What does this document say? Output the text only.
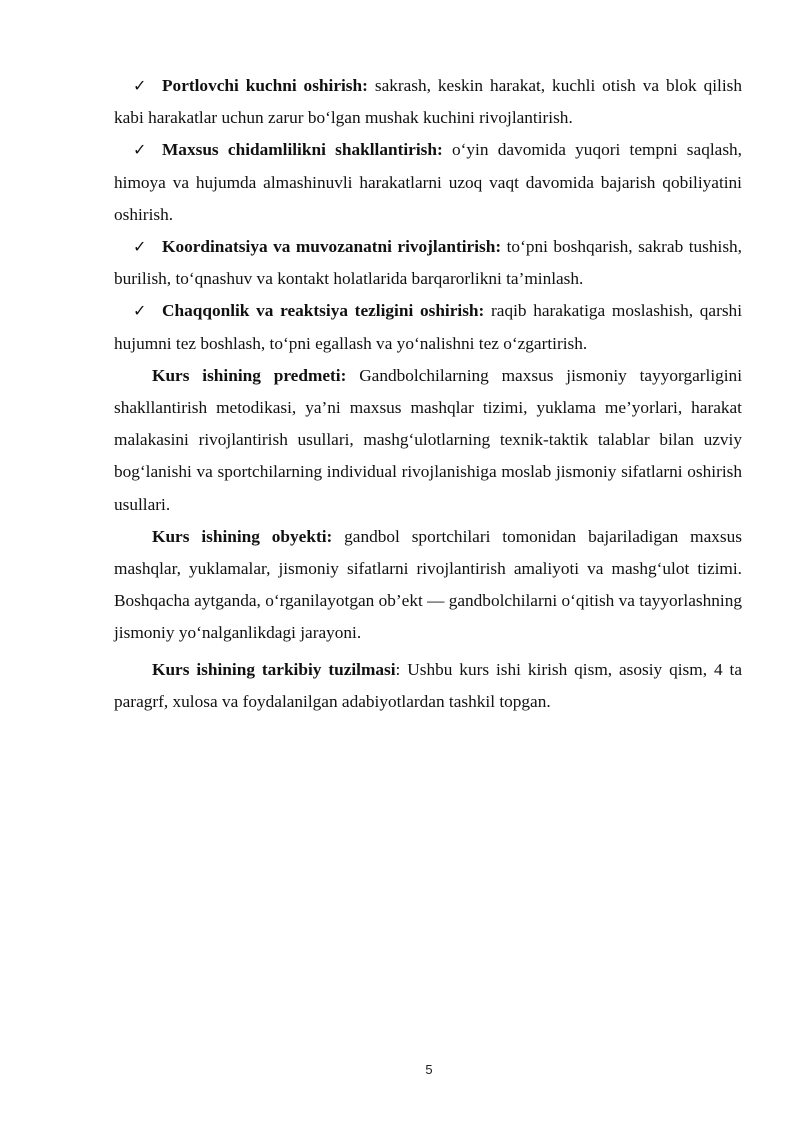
✓ Portlovchi kuchni oshirish: sakrash, keskin harakat, kuchli otish va blok qilish kabi harakatlar uchun zarur bo‘lgan mushak kuchini rivojlantirish.

✓ Maxsus chidamlilikni shakllantirish: o‘yin davomida yuqori tempni saqlash, himoya va hujumda almashinuvli harakatlarni uzoq vaqt davomida bajarish qobiliyatini oshirish.

✓ Koordinatsiya va muvozanatni rivojlantirish: to‘pni boshqarish, sakrab tushish, burilish, to‘qnashuv va kontakt holatlarida barqarorlikni ta’minlash.

✓ Chaqqonlik va reaktsiya tezligini oshirish: raqib harakatiga moslashish, qarshi hujumni tez boshlash, to‘pni egallash va yo‘nalishni tez o‘zgartirish.

Kurs ishining predmeti: Gandbolchilarning maxsus jismoniy tayyorgarligini shakllantirish metodikasi, ya’ni maxsus mashqlar tizimi, yuklama me’yorlari, harakat malakasini rivojlantirish usullari, mashg‘ulotlarning texnik-taktik talablar bilan uzviy bog‘lanishi va sportchilarning individual rivojlanishiga moslab jismoniy sifatlarni oshirish usullari.

Kurs ishining obyekti: gandbol sportchilari tomonidan bajariladigan maxsus mashqlar, yuklamalar, jismoniy sifatlarni rivojlantirish amaliyoti va mashg‘ulot tizimi. Boshqacha aytganda, o‘rganilayotgan ob’ekt — gandbolchilarni o‘qitish va tayyorlashning jismoniy yo‘nalganlikdagi jarayoni.

Kurs ishining tarkibiy tuzilmasi: Ushbu kurs ishi kirish qism, asosiy qism, 4 ta paragrf, xulosa va foydalanilgan adabiyotlardan tashkil topgan.

5
